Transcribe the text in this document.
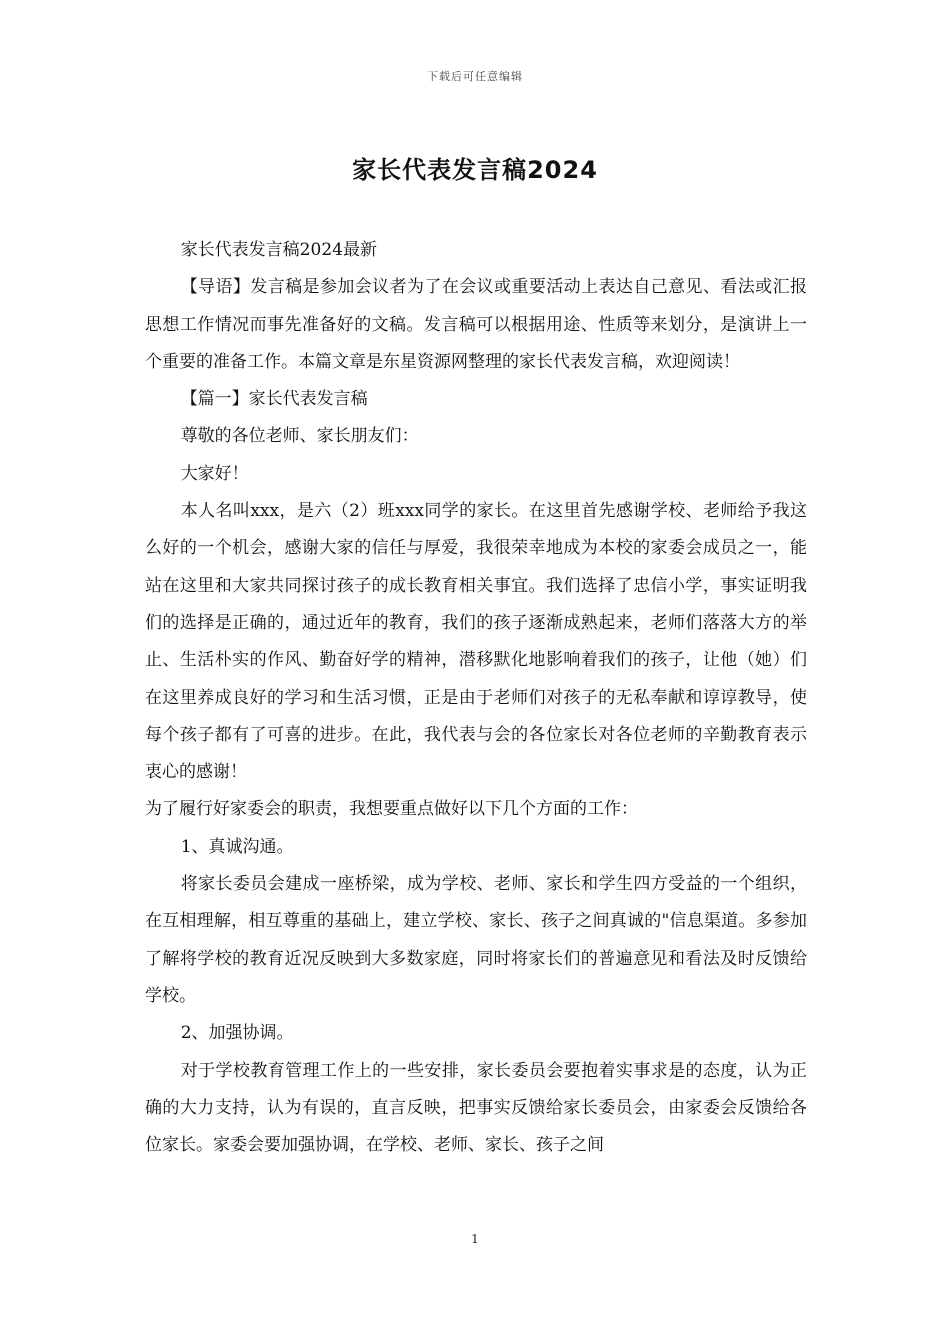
下载后可任意编辑
家长代表发言稿2024

家长代表发言稿2024最新

【导语】发言稿是参加会议者为了在会议或重要活动上表达自己意见、看法或汇报思想工作情况而事先准备好的文稿。发言稿可以根据用途、性质等来划分，是演讲上一个重要的准备工作。本篇文章是东星资源网整理的家长代表发言稿，欢迎阅读！

【篇一】家长代表发言稿

尊敬的各位老师、家长朋友们：

大家好！

本人名叫xxx，是六（2）班xxx同学的家长。在这里首先感谢学校、老师给予我这么好的一个机会，感谢大家的信任与厚爱，我很荣幸地成为本校的家委会成员之一，能站在这里和大家共同探讨孩子的成长教育相关事宜。我们选择了忠信小学，事实证明我们的选择是正确的，通过近年的教育，我们的孩子逐渐成熟起来，老师们落落大方的举止、生活朴实的作风、勤奋好学的精神，潜移默化地影响着我们的孩子，让他（她）们在这里养成良好的学习和生活习惯，正是由于老师们对孩子的无私奉献和谆谆教导，使每个孩子都有了可喜的进步。在此，我代表与会的各位家长对各位老师的辛勤教育表示衷心的感谢！

为了履行好家委会的职责，我想要重点做好以下几个方面的工作：

1、真诚沟通。

将家长委员会建成一座桥梁，成为学校、老师、家长和学生四方受益的一个组织，在互相理解，相互尊重的基础上，建立学校、家长、孩子之间真诚的"信息渠道。多参加了解将学校的教育近况反映到大多数家庭，同时将家长们的普遍意见和看法及时反馈给学校。

2、加强协调。

对于学校教育管理工作上的一些安排，家长委员会要抱着实事求是的态度，认为正确的大力支持，认为有误的，直言反映，把事实反馈给家长委员会，由家委会反馈给各位家长。家委会要加强协调，在学校、老师、家长、孩子之间

1
